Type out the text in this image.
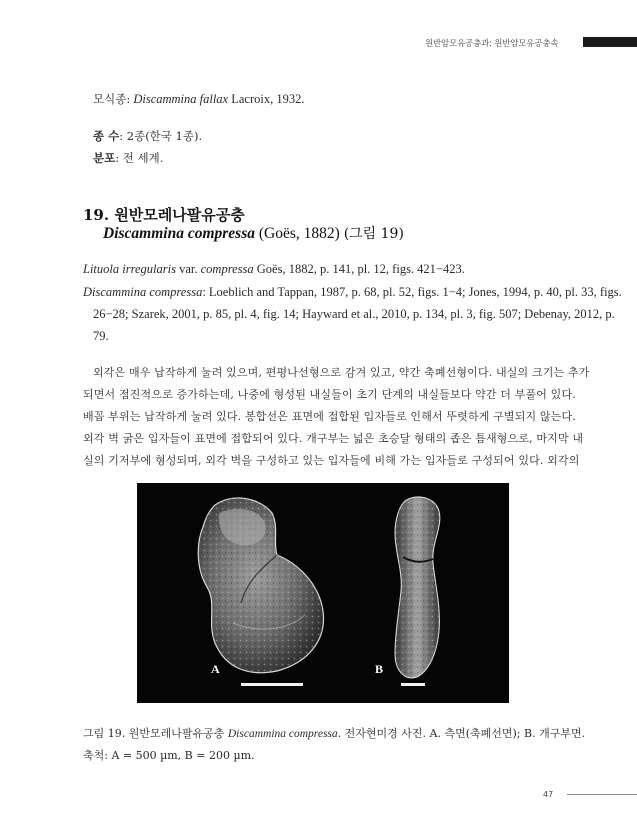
원반암모유공충과: 원반암모유공충속
모식종: Discammina fallax Lacroix, 1932.
종 수: 2종(한국 1종).
분포: 전 세계.
19. 원반모레나팔유공충
Discammina compressa (Goës, 1882) (그림 19)
Lituola irregularis var. compressa Goës, 1882, p. 141, pl. 12, figs. 421−423.
Discammina compressa: Loeblich and Tappan, 1987, p. 68, pl. 52, figs. 1−4; Jones, 1994, p. 40, pl. 33, figs.
26−28; Szarek, 2001, p. 85, pl. 4, fig. 14; Hayward et al., 2010, p. 134, pl. 3, fig. 507; Debenay, 2012, p.
79.
외각은 매우 납작하게 눌려 있으며, 편평나선형으로 감겨 있고, 약간 축폐선형이다. 내실의 크기는 추가
되면서 점진적으로 증가하는데, 나중에 형성된 내실들이 초기 단계의 내실들보다 약간 더 부풀어 있다.
배꼽 부위는 납작하게 눌려 있다. 봉합선은 표면에 접합된 입자들로 인해서 뚜렷하게 구별되지 않는다.
외각 벽 굵은 입자들이 표면에 접합되어 있다. 개구부는 넓은 초승달 형태의 좁은 틈새형으로, 마지막 내
실의 기저부에 형성되며, 외각 벽을 구성하고 있는 입자들에 비해 가는 입자들로 구성되어 있다. 외각의
A	B
그림 19. 원반모레나팔유공충 Discammina compressa. 전자현미경 사진. A. 측면(축폐선면); B. 개구부면.
축척: A = 500 µm, B = 200 µm.
47
